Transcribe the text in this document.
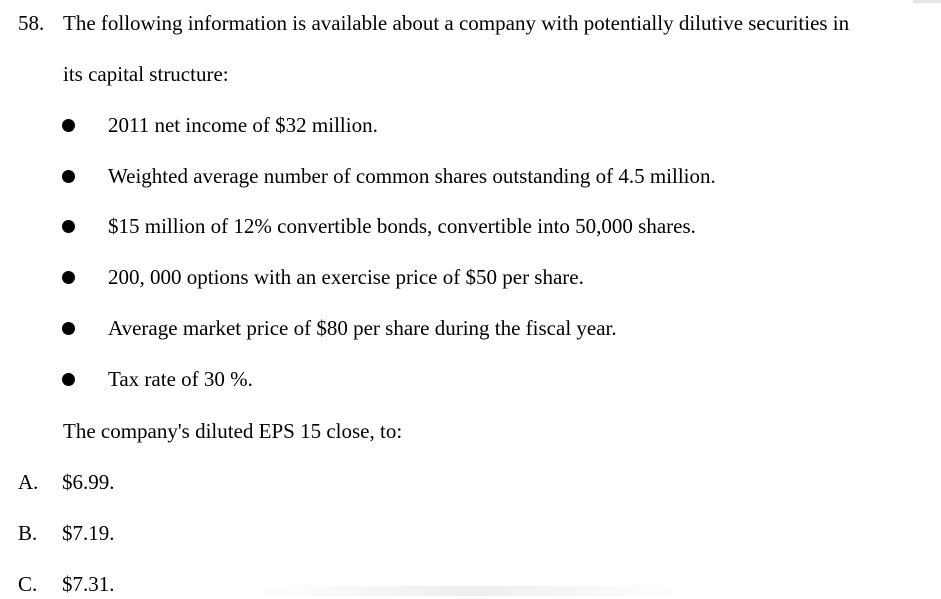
58. The following information is available about a company with potentially dilutive securities in
its capital structure:
2011 net income of $32 million.
Weighted average number of common shares outstanding of 4.5 million.
$15 million of 12% convertible bonds, convertible into 50,000 shares.
200, 000 options with an exercise price of $50 per share.
Average market price of $80 per share during the fiscal year.
Tax rate of 30 %.
The company's diluted EPS 15 close, to:
A. $6.99.
B. $7.19.
C. $7.31.
